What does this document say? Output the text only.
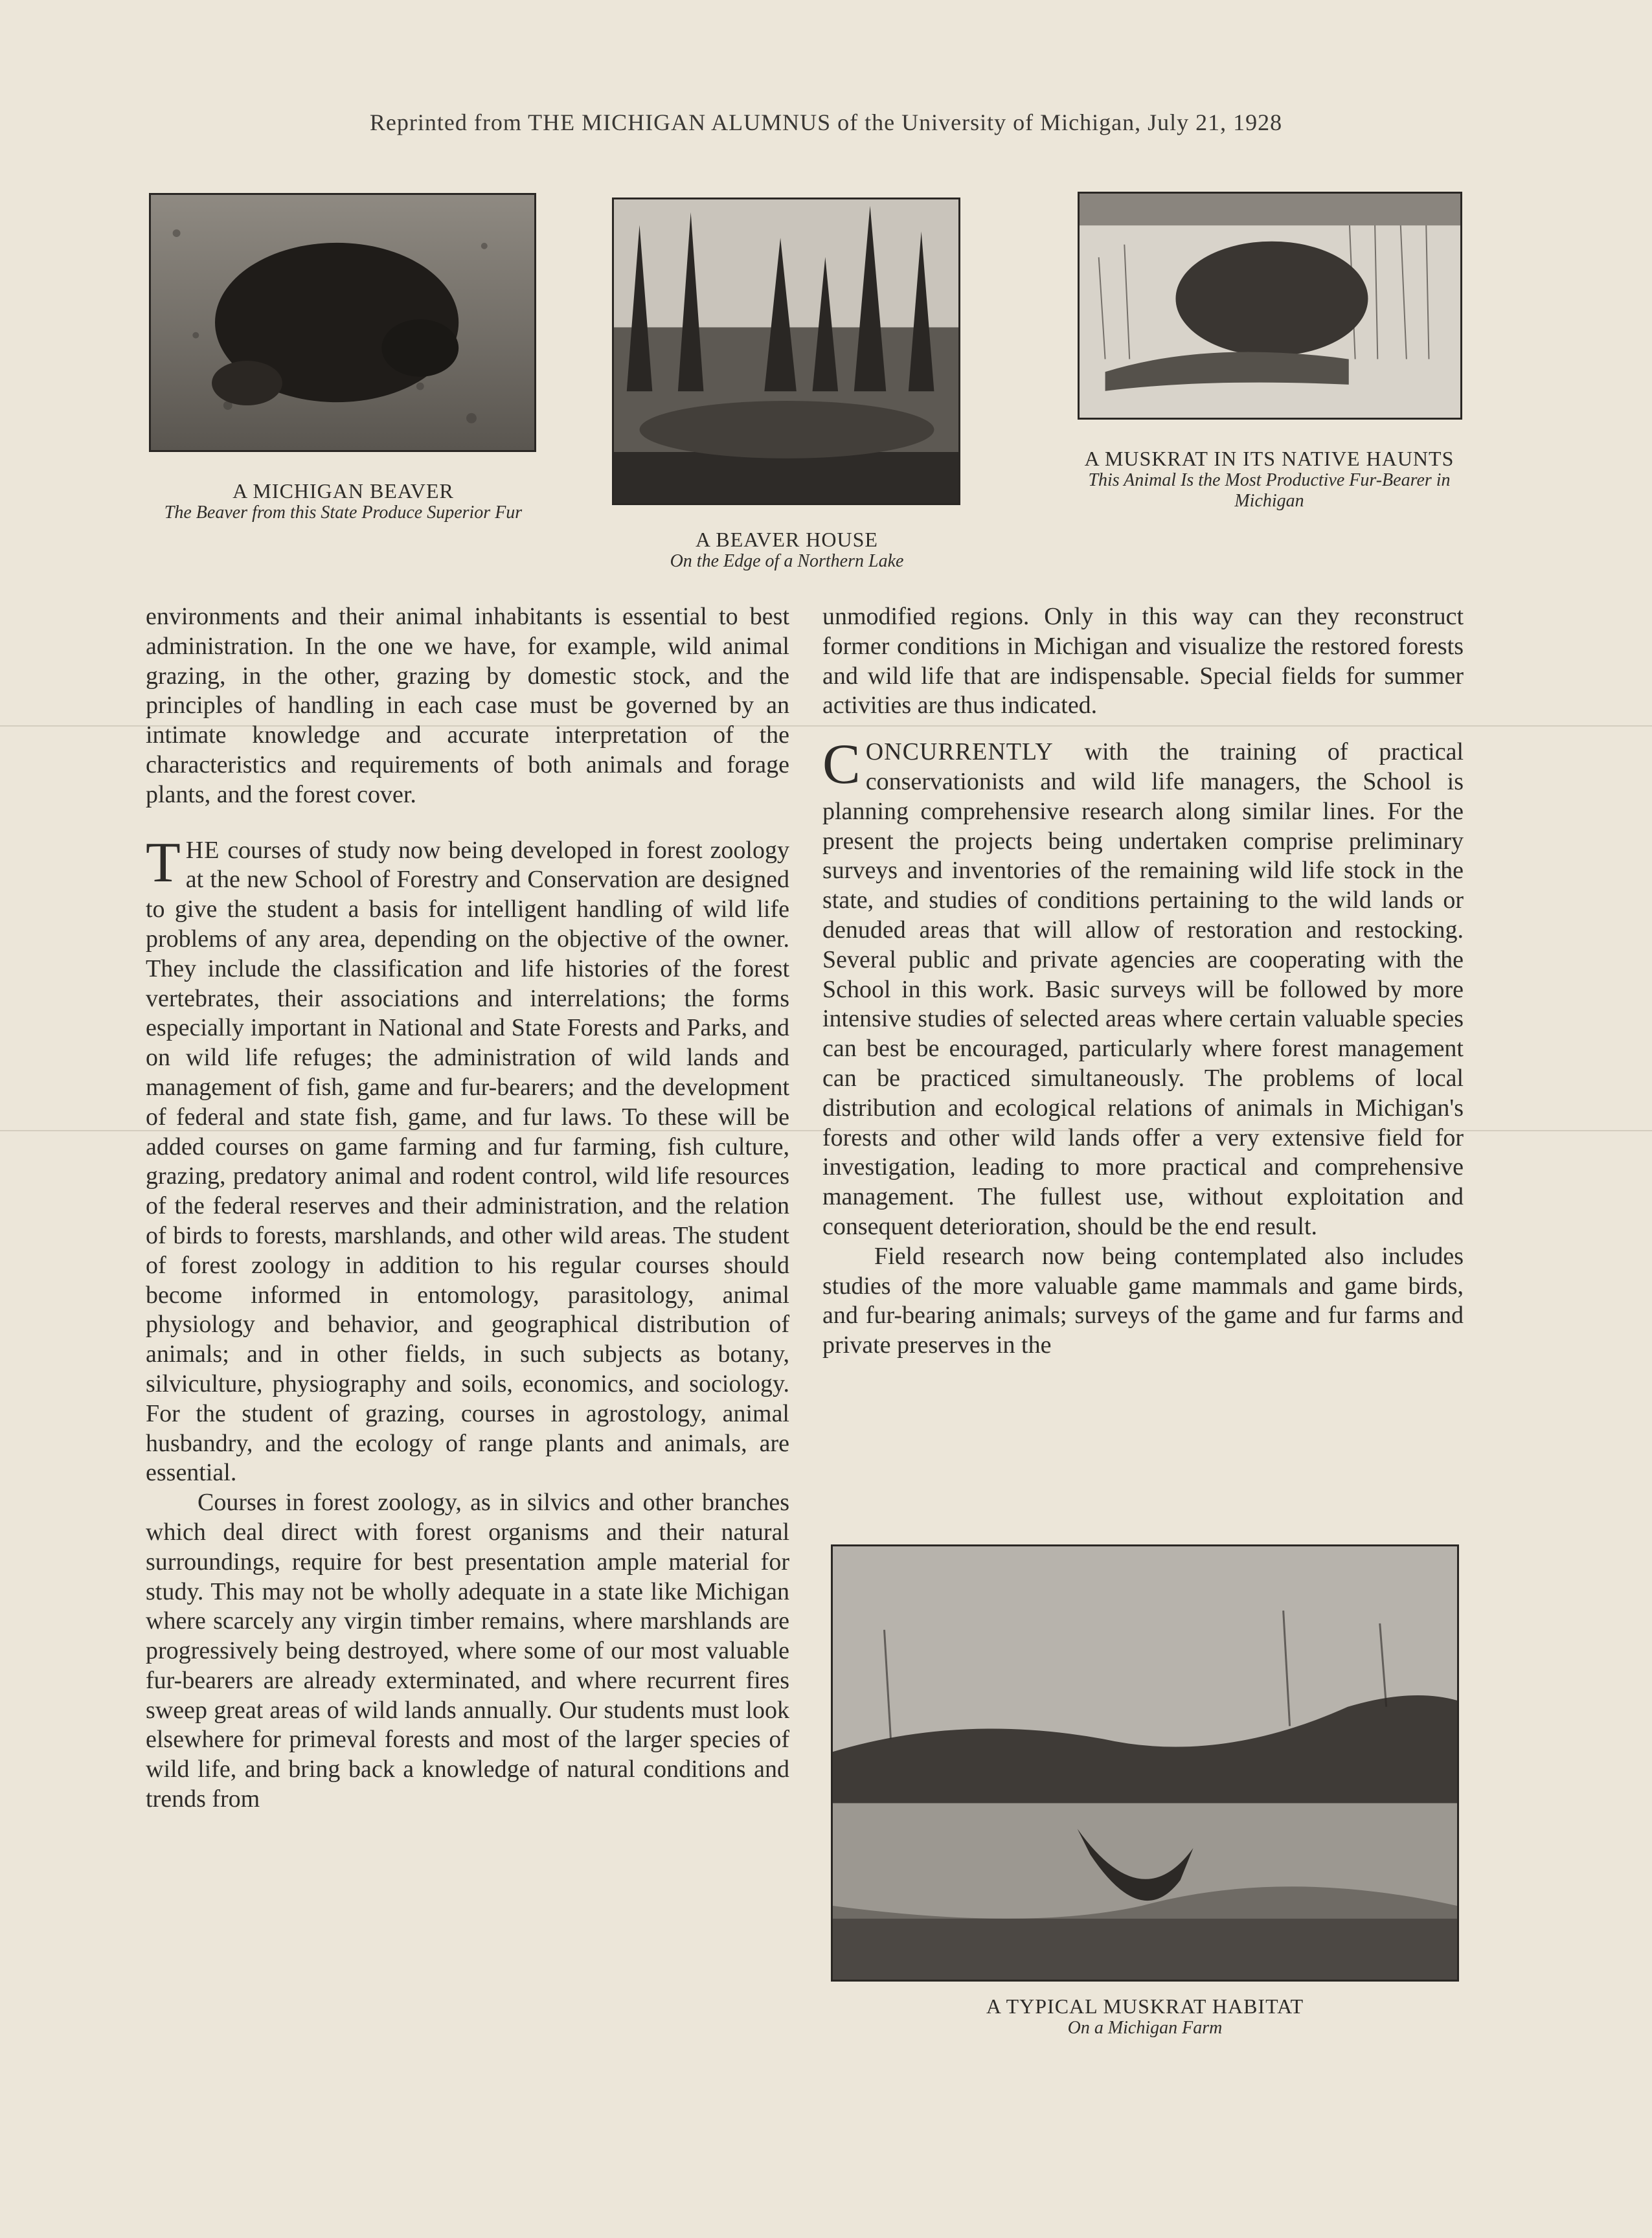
Reprinted from THE MICHIGAN ALUMNUS of the University of Michigan, July 21, 1928
A MICHIGAN BEAVER
The Beaver from this State Produce Superior Fur
A BEAVER HOUSE
On the Edge of a Northern Lake
A MUSKRAT IN ITS NATIVE HAUNTS
This Animal Is the Most Productive Fur-Bearer in Michigan

environments and their animal inhabitants is essential to best administration. In the one we have, for example, wild animal grazing, in the other, grazing by domestic stock, and the principles of handling in each case must be governed by an intimate knowledge and accurate interpretation of the characteristics and requirements of both animals and forage plants, and the forest cover.

THE courses of study now being developed in forest zoology at the new School of Forestry and Conservation are designed to give the student a basis for intelligent handling of wild life problems of any area, depending on the objective of the owner. They include the classification and life histories of the forest vertebrates, their associations and interrelations; the forms especially important in National and State Forests and Parks, and on wild life refuges; the administration of wild lands and management of fish, game and fur-bearers; and the development of federal and state fish, game, and fur laws. To these will be added courses on game farming and fur farming, fish culture, grazing, predatory animal and rodent control, wild life resources of the federal reserves and their administration, and the relation of birds to forests, marshlands, and other wild areas. The student of forest zoology in addition to his regular courses should become informed in entomology, parasitology, animal physiology and behavior, and geographical distribution of animals; and in other fields, in such subjects as botany, silviculture, physiography and soils, economics, and sociology. For the student of grazing, courses in agrostology, animal husbandry, and the ecology of range plants and animals, are essential.

Courses in forest zoology, as in silvics and other branches which deal direct with forest organisms and their natural surroundings, require for best presentation ample material for study. This may not be wholly adequate in a state like Michigan where scarcely any virgin timber remains, where marshlands are progressively being destroyed, where some of our most valuable fur-bearers are already exterminated, and where recurrent fires sweep great areas of wild lands annually. Our students must look elsewhere for primeval forests and most of the larger species of wild life, and bring back a knowledge of natural conditions and trends from

unmodified regions. Only in this way can they reconstruct former conditions in Michigan and visualize the restored forests and wild life that are indispensable. Special fields for summer activities are thus indicated.

CONCURRENTLY with the training of practical conservationists and wild life managers, the School is planning comprehensive research along similar lines. For the present the projects being undertaken comprise preliminary surveys and inventories of the remaining wild life stock in the state, and studies of conditions pertaining to the wild lands or denuded areas that will allow of restoration and restocking. Several public and private agencies are cooperating with the School in this work. Basic surveys will be followed by more intensive studies of selected areas where certain valuable species can best be encouraged, particularly where forest management can be practiced simultaneously. The problems of local distribution and ecological relations of animals in Michigan's forests and other wild lands offer a very extensive field for investigation, leading to more practical and comprehensive management. The fullest use, without exploitation and consequent deterioration, should be the end result.

Field research now being contemplated also includes studies of the more valuable game mammals and game birds, and fur-bearing animals; surveys of the game and fur farms and private preserves in the

A TYPICAL MUSKRAT HABITAT
On a Michigan Farm
